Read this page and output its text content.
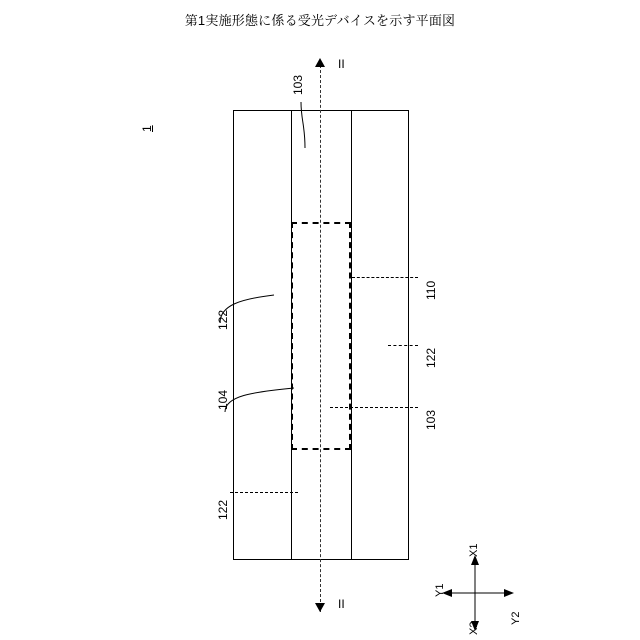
第1実施形態に係る受光デバイスを示す平面図
1
II
II
103
122
104
122
110
122
103
X1
X2
Y1
Y2
